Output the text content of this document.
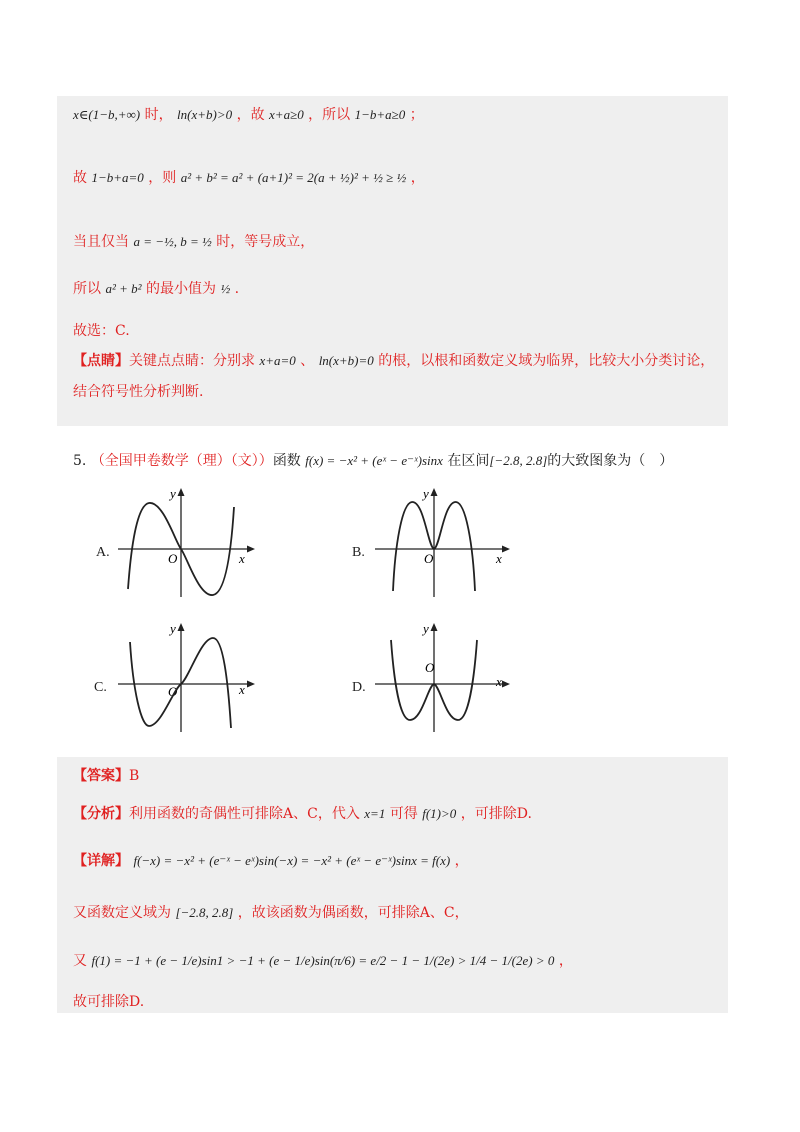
x∈(1−b,+∞) 时， ln(x+b)>0 ，故 x+a≥0 ，所以 1−b+a≥0 ；
故 1−b+a=0 ，则 a² + b² = a² + (a+1)² = 2(a + ½)² + ½ ≥ ½ ，
当且仅当 a = −½, b = ½ 时，等号成立，
所以 a² + b² 的最小值为 ½ .
故选：C.
【点睛】关键点点睛：分别求 x+a=0 、 ln(x+b)=0 的根，以根和函数定义域为临界，比较大小分类讨论，
结合符号性分析判断.
5. （全国甲卷数学（理）（文））函数 f(x) = −x² + (eˣ − e⁻ˣ)sinx 在区间[−2.8, 2.8]的大致图象为（　）
A.	B.
C.	D.
y
x
O
y
x
O
y
x
O
y
x
O
【答案】B
【分析】利用函数的奇偶性可排除A、C，代入 x=1 可得 f(1)>0 ，可排除D.
【详解】 f(−x) = −x² + (e⁻ˣ − eˣ)sin(−x) = −x² + (eˣ − e⁻ˣ)sinx = f(x) ，
又函数定义域为 [−2.8, 2.8] ，故该函数为偶函数，可排除A、C，
又 f(1) = −1 + (e − 1/e)sin1 > −1 + (e − 1/e)sin(π/6) = e/2 − 1 − 1/(2e) > 1/4 − 1/(2e) > 0 ，
故可排除D.
